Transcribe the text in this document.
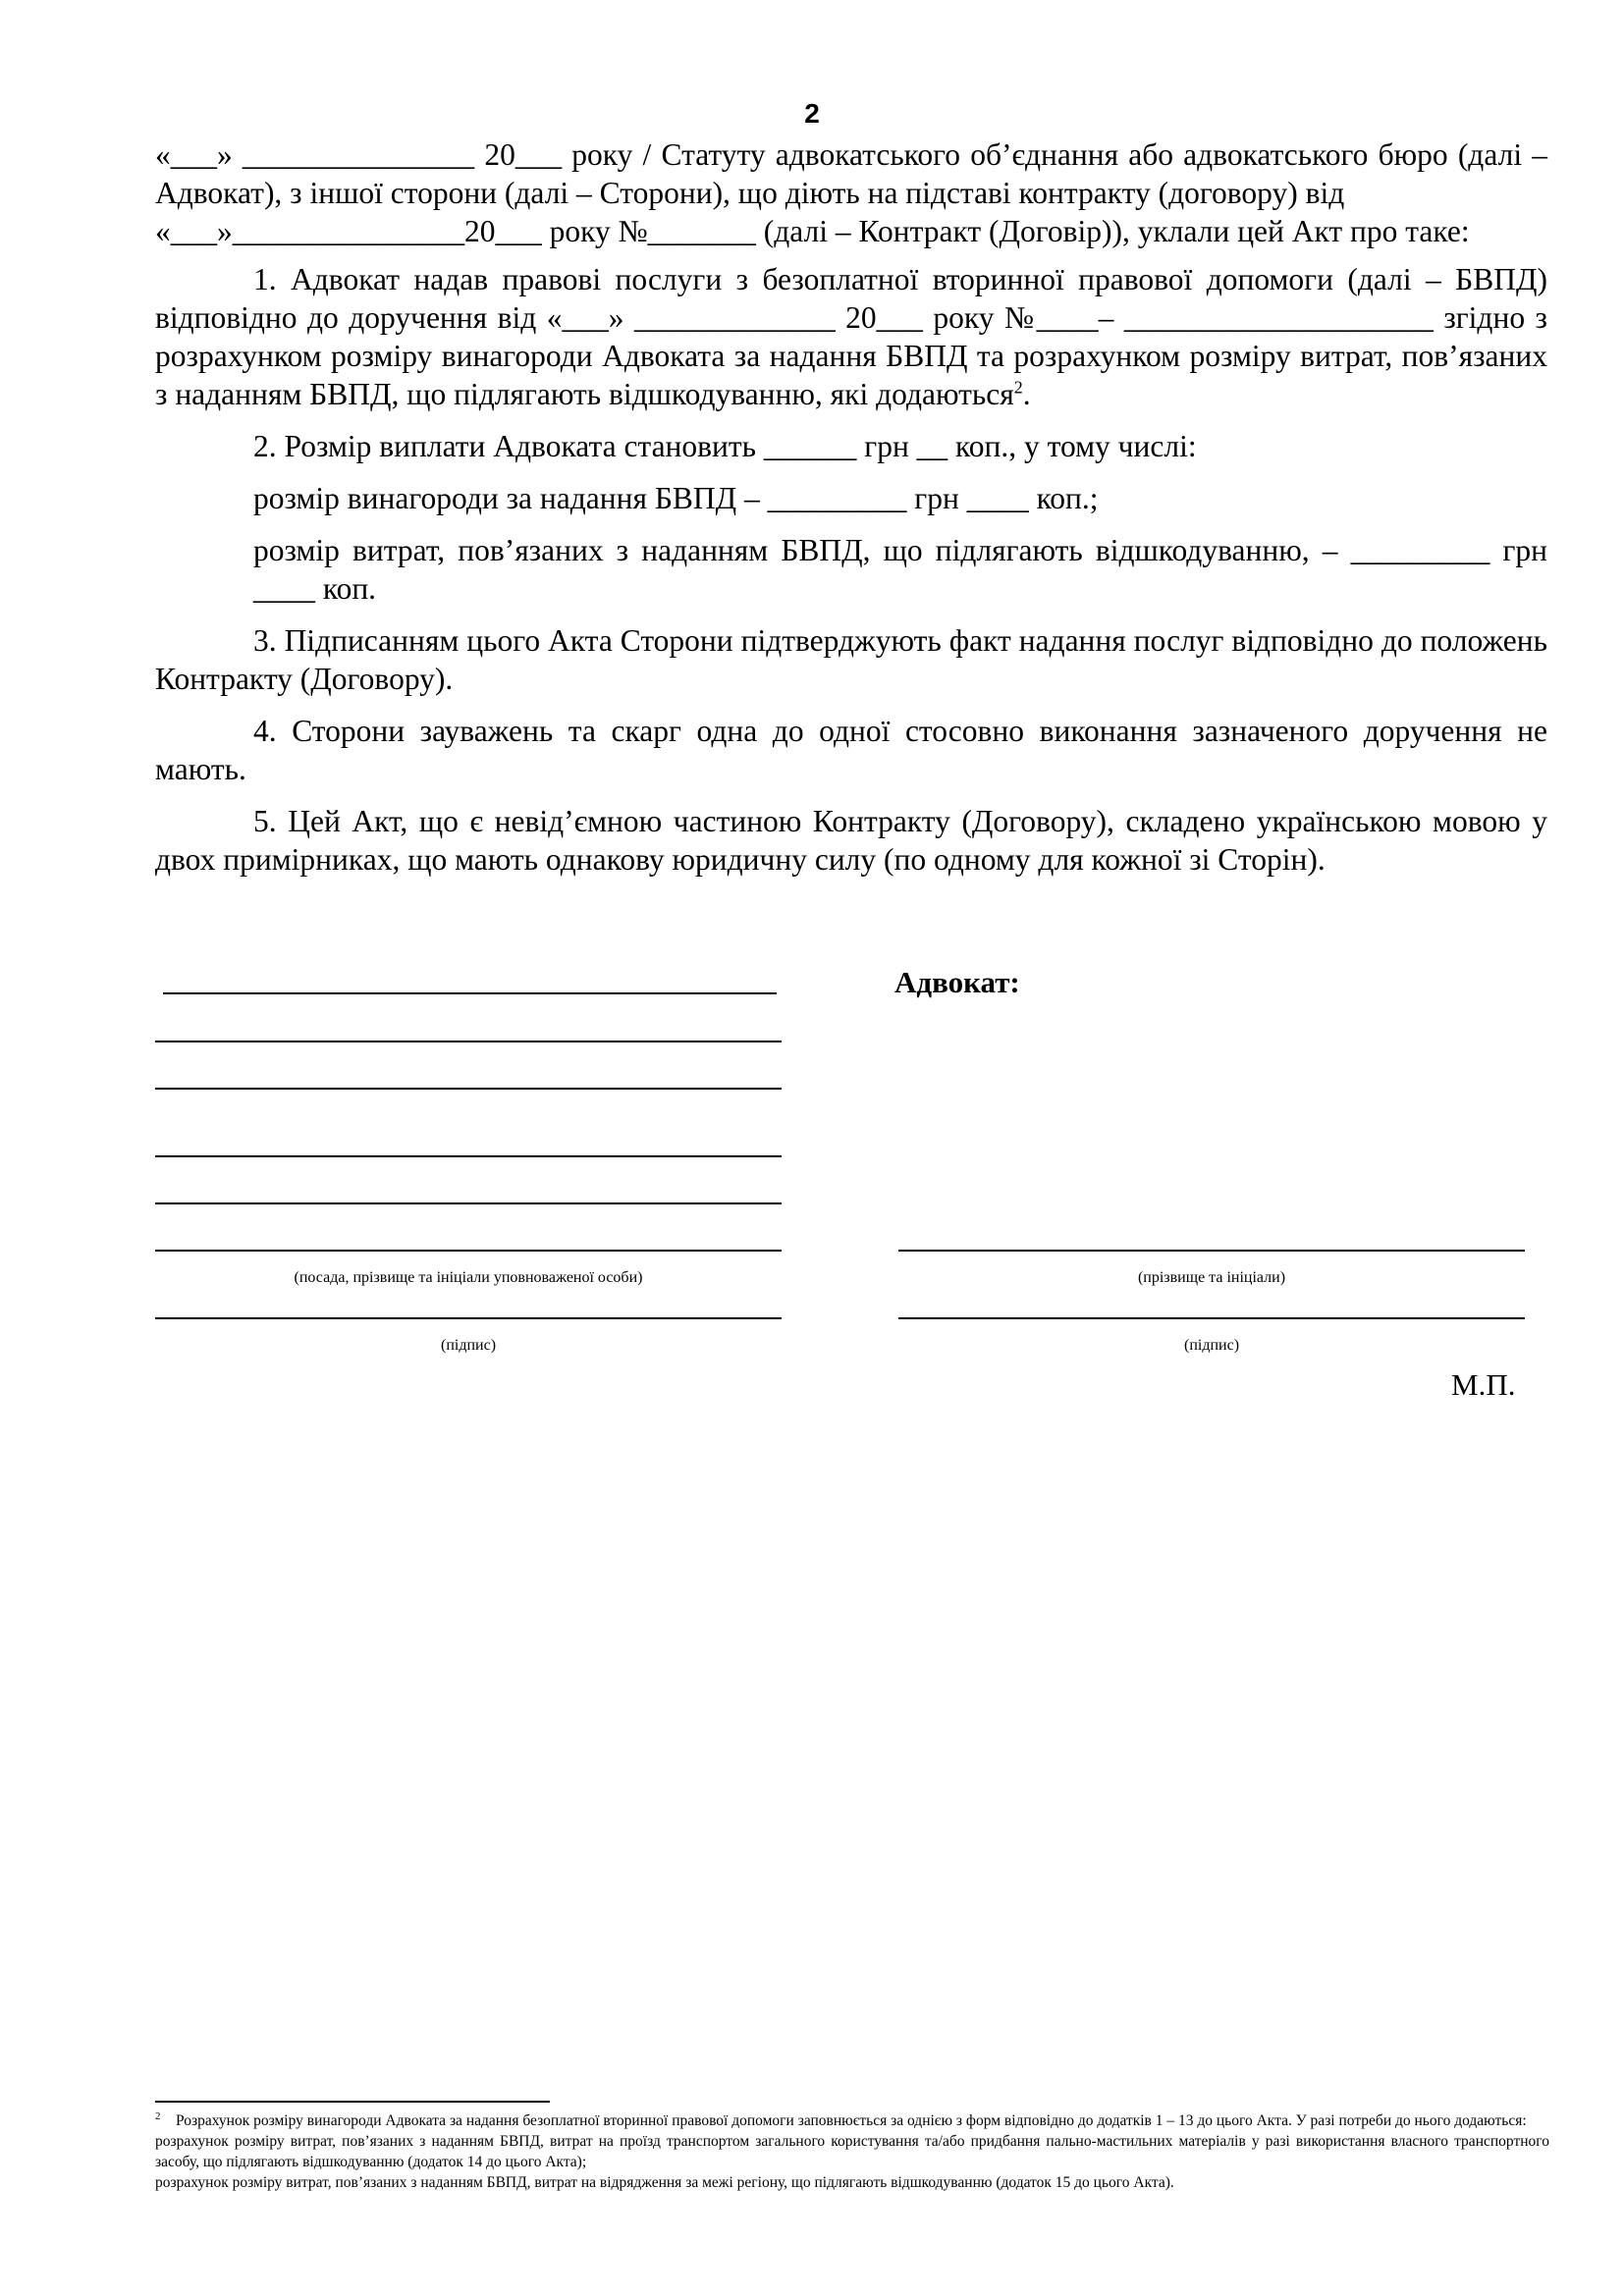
2

«___» _______________ 20___ року / Статуту адвокатського об’єднання або адвокатського бюро (далі – Адвокат), з іншої сторони (далі – Сторони), що діють на підставі контракту (договору) від

«___»_______________20___ року №_______ (далі – Контракт (Договір)), уклали цей Акт про таке:

1. Адвокат надав правові послуги з безоплатної вторинної правової допомоги (далі – БВПД) відповідно до доручення від «___» _____________ 20___ року №____– ____________________ згідно з розрахунком розміру винагороди Адвоката за надання БВПД та розрахунком розміру витрат, пов’язаних з наданням БВПД, що підлягають відшкодуванню, які додаються$^2$.

2. Розмір виплати Адвоката становить ______ грн __ коп., у тому числі:

розмір винагороди за надання БВПД – _________ грн ____ коп.;

розмір витрат, пов’язаних з наданням БВПД, що підлягають відшкодуванню, – _________ грн ____ коп.

3. Підписанням цього Акта Сторони підтверджують факт надання послуг відповідно до положень Контракту (Договору).

4. Сторони зауважень та скарг одна до одної стосовно виконання зазначеного доручення не мають.

5. Цей Акт, що є невід’ємною частиною Контракту (Договору), складено українською мовою у двох примірниках, що мають однакову юридичну силу (по одному для кожної зі Сторін).

(посада, прізвище та ініціали уповноваженої особи)
(підпис)
Адвокат:
(прізвище та ініціали)
(підпис)
М.П.

$^2$ Розрахунок розміру винагороди Адвоката за надання безоплатної вторинної правової допомоги заповнюється за однією з форм відповідно до додатків 1 – 13 до цього Акта. У разі потреби до нього додаються:

розрахунок розміру витрат, пов’язаних з наданням БВПД, витрат на проїзд транспортом загального користування та/або придбання пально-мастильних матеріалів у разі використання власного транспортного засобу, що підлягають відшкодуванню (додаток 14 до цього Акта);

розрахунок розміру витрат, пов’язаних з наданням БВПД, витрат на відрядження за межі регіону, що підлягають відшкодуванню (додаток 15 до цього Акта).
